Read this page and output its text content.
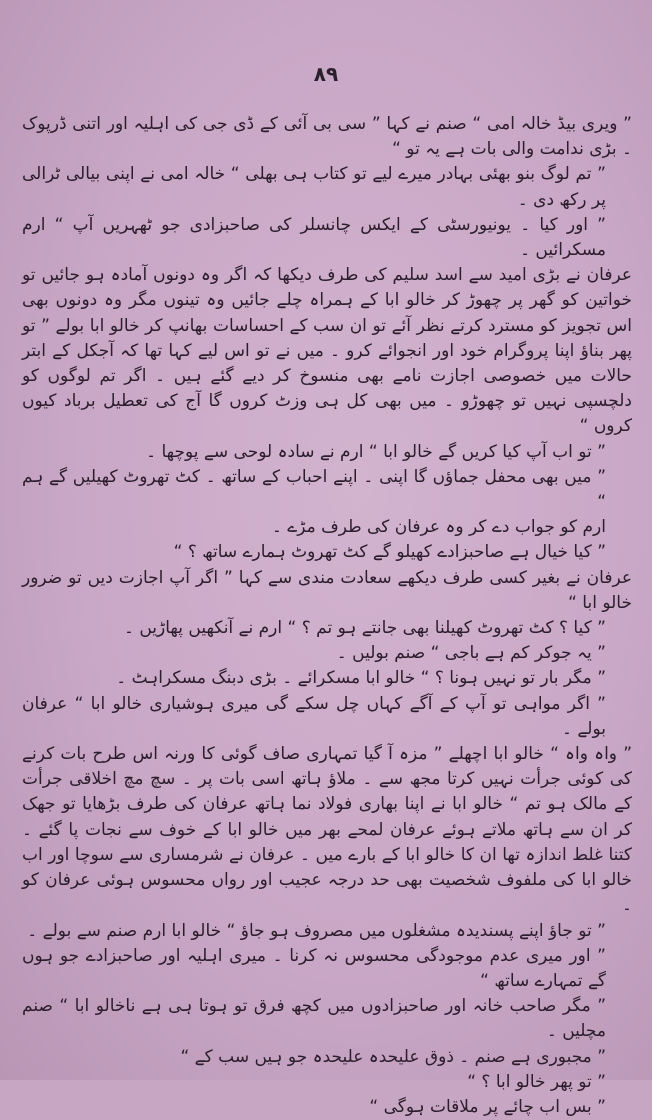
۸۹

” ویری بیڈ خالہ امی “ صنم نے کہا ” سی بی آئی کے ڈی جی کی اہلیہ اور اتنی ڈرپوک ۔ بڑی ندامت والی بات ہے یہ تو “

” تم لوگ بنو بھئی بہادر میرے لیے تو کتاب ہی بھلی “ خالہ امی نے اپنی بیالی ٹرالی پر رکھ دی ۔

” اور کیا ۔ یونیورسٹی کے ایکس چانسلر کی صاحبزادی جو ٹھہریں آپ “ ارم مسکرائیں ۔

عرفان نے بڑی امید سے اسد سلیم کی طرف دیکھا کہ اگر وہ دونوں آمادہ ہو جائیں تو خواتین کو گھر پر چھوڑ کر خالو ابا کے ہمراہ چلے جائیں وہ تینوں مگر وہ دونوں بھی اس تجویز کو مسترد کرتے نظر آئے تو ان سب کے احساسات بھانپ کر خالو ابا بولے ” تو پھر بناؤ اپنا پروگرام خود اور انجوائے کرو ۔ میں نے تو اس لیے کہا تھا کہ آجکل کے ابتر حالات میں خصوصی اجازت نامے بھی منسوخ کر دیے گئے ہیں ۔ اگر تم لوگوں کو دلچسپی نہیں تو چھوڑو ۔ میں بھی کل ہی وزٹ کروں گا آج کی تعطیل برباد کیوں کروں “

” تو اب آپ کیا کریں گے خالو ابا “ ارم نے سادہ لوحی سے پوچھا ۔

” میں بھی محفل جماؤں گا اپنی ۔ اپنے احباب کے ساتھ ۔ کٹ تھروٹ کھیلیں گے ہم “

ارم کو جواب دے کر وہ عرفان کی طرف مڑے ۔

” کیا خیال ہے صاحبزادے کھیلو گے کٹ تھروٹ ہمارے ساتھ ؟ “

عرفان نے بغیر کسی طرف دیکھے سعادت مندی سے کہا ” اگر آپ اجازت دیں تو ضرور خالو ابا “

” کیا ؟ کٹ تھروٹ کھیلنا بھی جانتے ہو تم ؟ “ ارم نے آنکھیں پھاڑیں ۔

” یہ جوکر کم ہے باجی “ صنم بولیں ۔

” مگر بار تو نہیں ہونا ؟ “ خالو ابا مسکرائے ۔ بڑی دبنگ مسکراہٹ ۔

” اگر مواہی تو آپ کے آگے کہاں چل سکے گی میری ہوشیاری خالو ابا “ عرفان بولے ۔

” واہ واہ “ خالو ابا اچھلے ” مزہ آ گیا تمہاری صاف گوئی کا ورنہ اس طرح بات کرنے کی کوئی جرأت نہیں کرتا مجھ سے ۔ ملاؤ ہاتھ اسی بات پر ۔ سچ مچ اخلاقی جرأت کے مالک ہو تم “ خالو ابا نے اپنا بھاری فولاد نما ہاتھ عرفان کی طرف بڑھایا تو جھک کر ان سے ہاتھ ملاتے ہوئے عرفان لمحے بھر میں خالو ابا کے خوف سے نجات پا گئے ۔ کتنا غلط اندازہ تھا ان کا خالو ابا کے بارے میں ۔ عرفان نے شرمساری سے سوچا اور اب خالو ابا کی ملفوف شخصیت بھی حد درجہ عجیب اور رواں محسوس ہوئی عرفان کو ۔

” تو جاؤ اپنے پسندیدہ مشغلوں میں مصروف ہو جاؤ “ خالو ابا ارم صنم سے بولے ۔

” اور میری عدم موجودگی محسوس نہ کرنا ۔ میری اہلیہ اور صاحبزادے جو ہوں گے تمہارے ساتھ “

” مگر صاحب خانہ اور صاحبزادوں میں کچھ فرق تو ہوتا ہی ہے ناخالو ابا “ صنم مچلیں ۔

” مجبوری ہے صنم ۔ ذوق علیحدہ علیحدہ جو ہیں سب کے “

” تو پھر خالو ابا ؟ “

” بس اب چائے پر ملاقات ہوگی “
